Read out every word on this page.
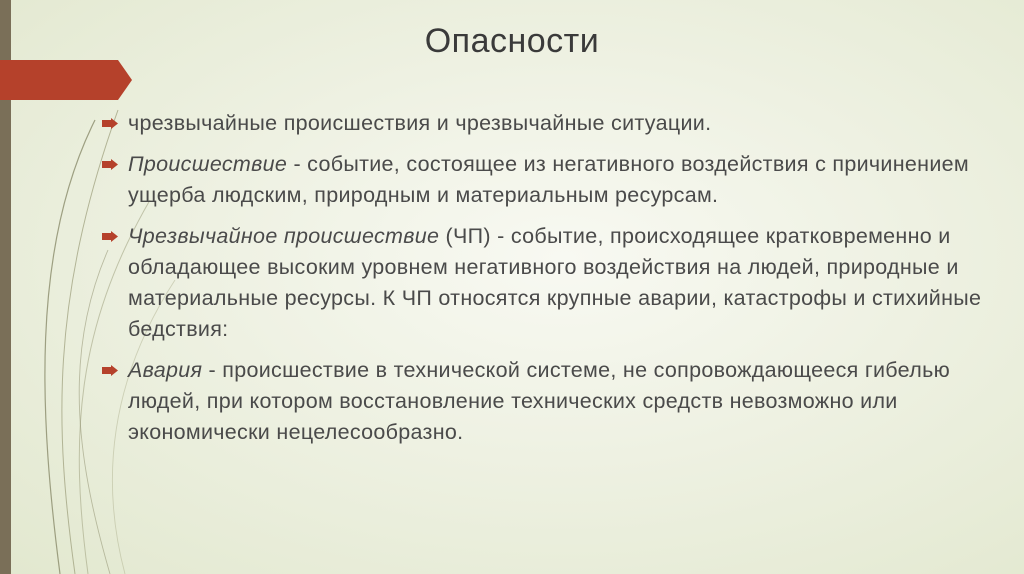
Опасности
чрезвычайные происшествия и чрезвычайные ситуации.
Происшествие - событие, состоящее из негативного воздействия с причинением ущерба людским, природным и материальным ресурсам.
Чрезвычайное происшествие (ЧП) - событие, происходящее кратковременно и обладающее высоким уровнем негативного воздействия на людей, природные и материальные ресурсы. К ЧП относятся крупные аварии, катастрофы и стихийные бедствия:
Авария - происшествие в технической системе, не сопровождающееся гибелью людей, при котором восстановление технических средств невозможно или экономически нецелесообразно.
